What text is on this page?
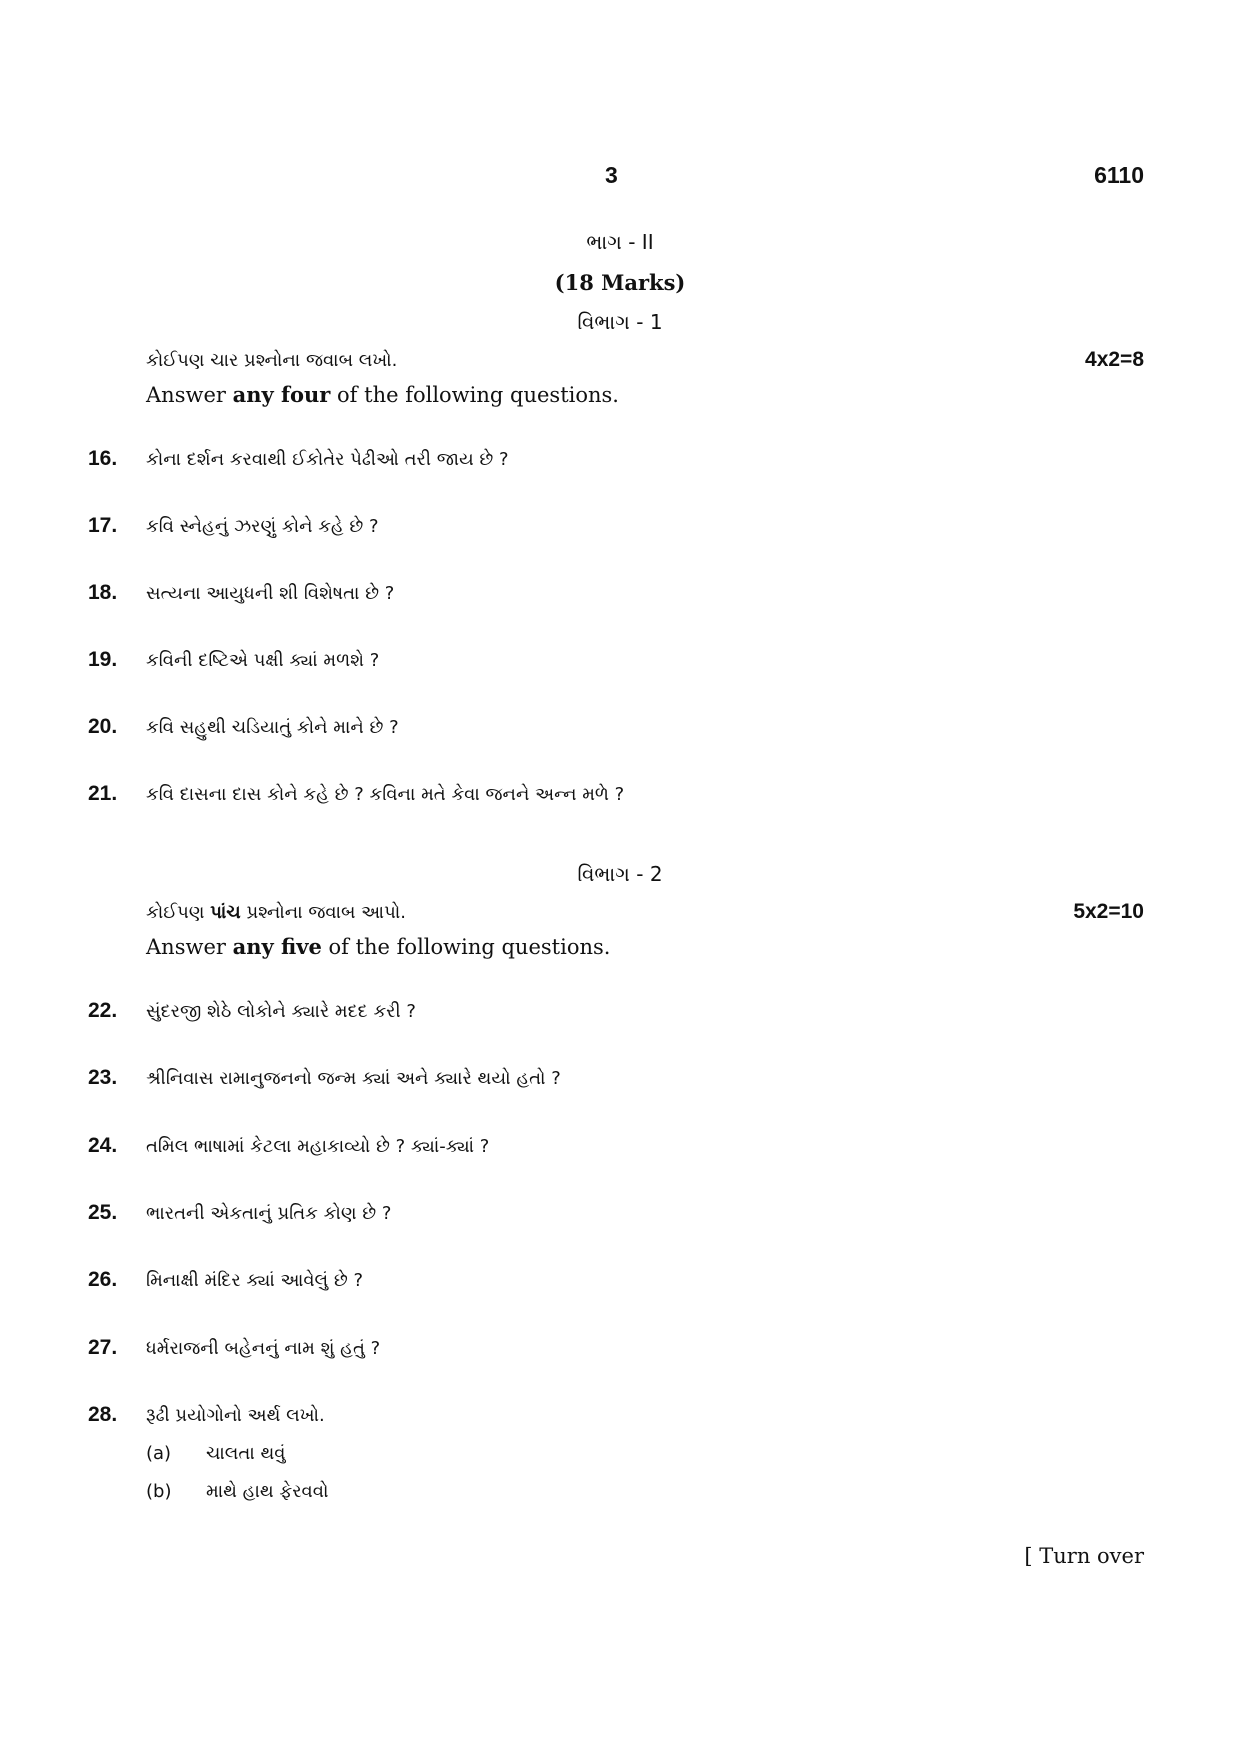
3	6110
ભાગ - II
(18 Marks)
વિભાગ - 1
કોઈપણ ચાર પ્રશ્નોના જવાબ લખો.	4x2=8
Answer any four of the following questions.
16.	કોના દર્શન કરવાથી ઈકોતેર પેઢીઓ તરી જાય છે ?
17.	કવિ સ્નેહનું ઝરણું કોને કહે છે ?
18.	સત્યના આયુધની શી વિશેષતા છે ?
19.	કવિની દષ્ટિએ પક્ષી ક્યાં મળશે ?
20.	કવિ સહુથી ચડિયાતું કોને માને છે ?
21.	કવિ દાસના દાસ કોને કહે છે ? કવિના મતે કેવા જનને અન્ન મળે ?
વિભાગ - 2
કોઈપણ પાંચ પ્રશ્નોના જવાબ આપો.	5x2=10
Answer any five of the following questions.
22.	સુંદરજી શેઠે લોકોને ક્યારે મદદ કરી ?
23.	શ્રીનિવાસ રામાનુજનનો જન્મ ક્યાં અને ક્યારે થયો હતો ?
24.	તમિલ ભાષામાં કેટલા મહાકાવ્યો છે ? ક્યાં-ક્યાં ?
25.	ભારતની એકતાનું પ્રતિક કોણ છે ?
26.	મિનાક્ષી મંદિર ક્યાં આવેલું છે ?
27.	ધર્મરાજની બહેનનું નામ શું હતું ?
28.	રૂઢી પ્રયોગોનો અર્થ લખો.
(a)	ચાલતા થવું
(b)	માથે હાથ ફેરવવો
[ Turn over
